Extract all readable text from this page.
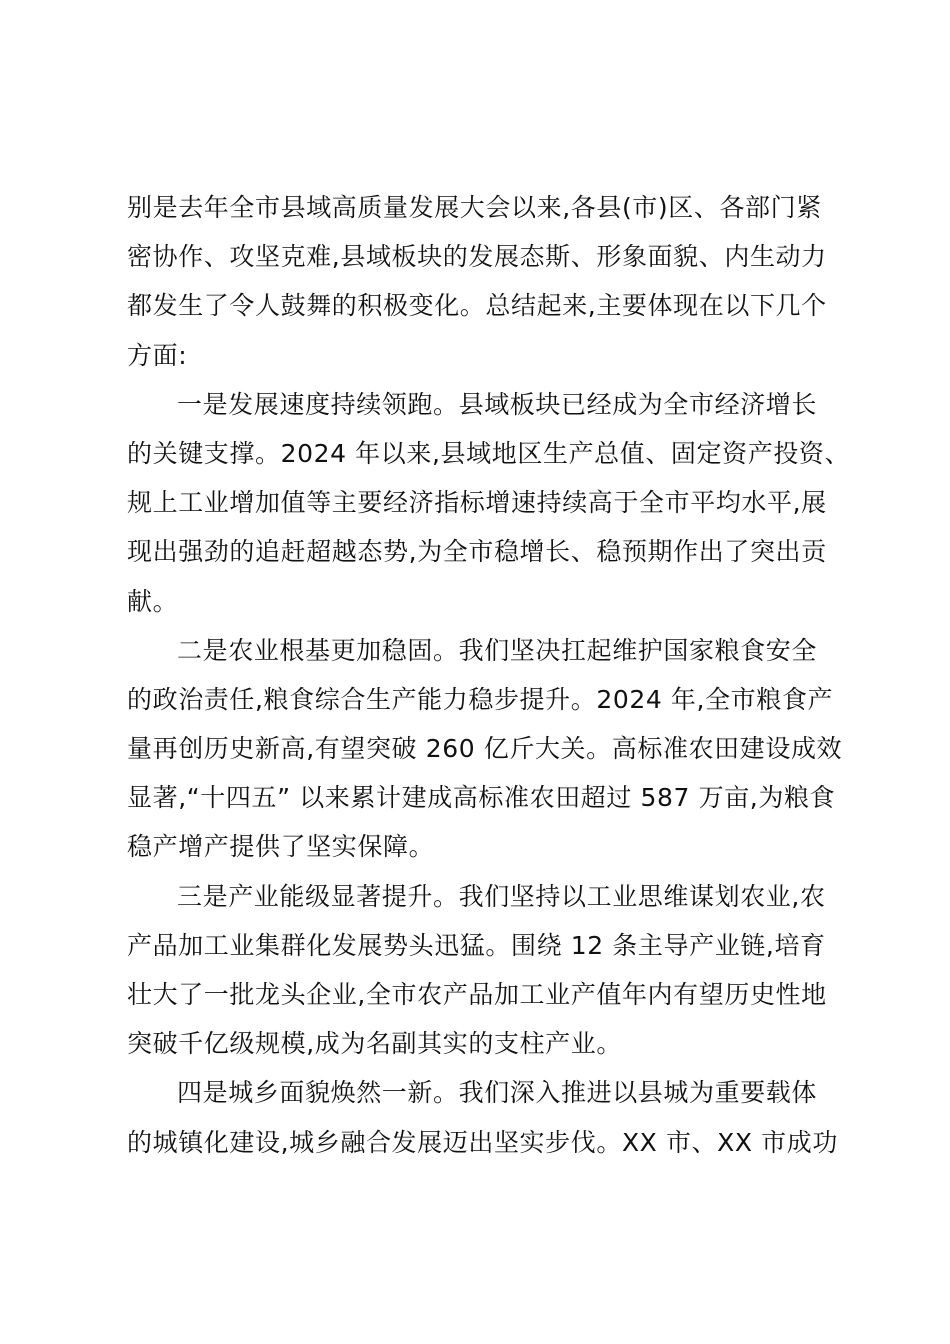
别是去年全市县域高质量发展大会以来,各县(市)区、各部门紧
密协作、攻坚克难,县域板块的发展态斯、形象面貌、内生动力
都发生了令人鼓舞的积极变化。总结起来,主要体现在以下几个
方面:

一是发展速度持续领跑。县域板块已经成为全市经济增长
的关键支撑。2024 年以来,县域地区生产总值、固定资产投资、
规上工业增加值等主要经济指标增速持续高于全市平均水平,展
现出强劲的追赶超越态势,为全市稳增长、稳预期作出了突出贡
献。

二是农业根基更加稳固。我们坚决扛起维护国家粮食安全
的政治责任,粮食综合生产能力稳步提升。2024 年,全市粮食产
量再创历史新高,有望突破 260 亿斤大关。高标准农田建设成效
显著,“十四五” 以来累计建成高标准农田超过 587 万亩,为粮食
稳产增产提供了坚实保障。

三是产业能级显著提升。我们坚持以工业思维谋划农业,农
产品加工业集群化发展势头迅猛。围绕 12 条主导产业链,培育
壮大了一批龙头企业,全市农产品加工业产值年内有望历史性地
突破千亿级规模,成为名副其实的支柱产业。

四是城乡面貌焕然一新。我们深入推进以县城为重要载体
的城镇化建设,城乡融合发展迈出坚实步伐。XX 市、XX 市成功
